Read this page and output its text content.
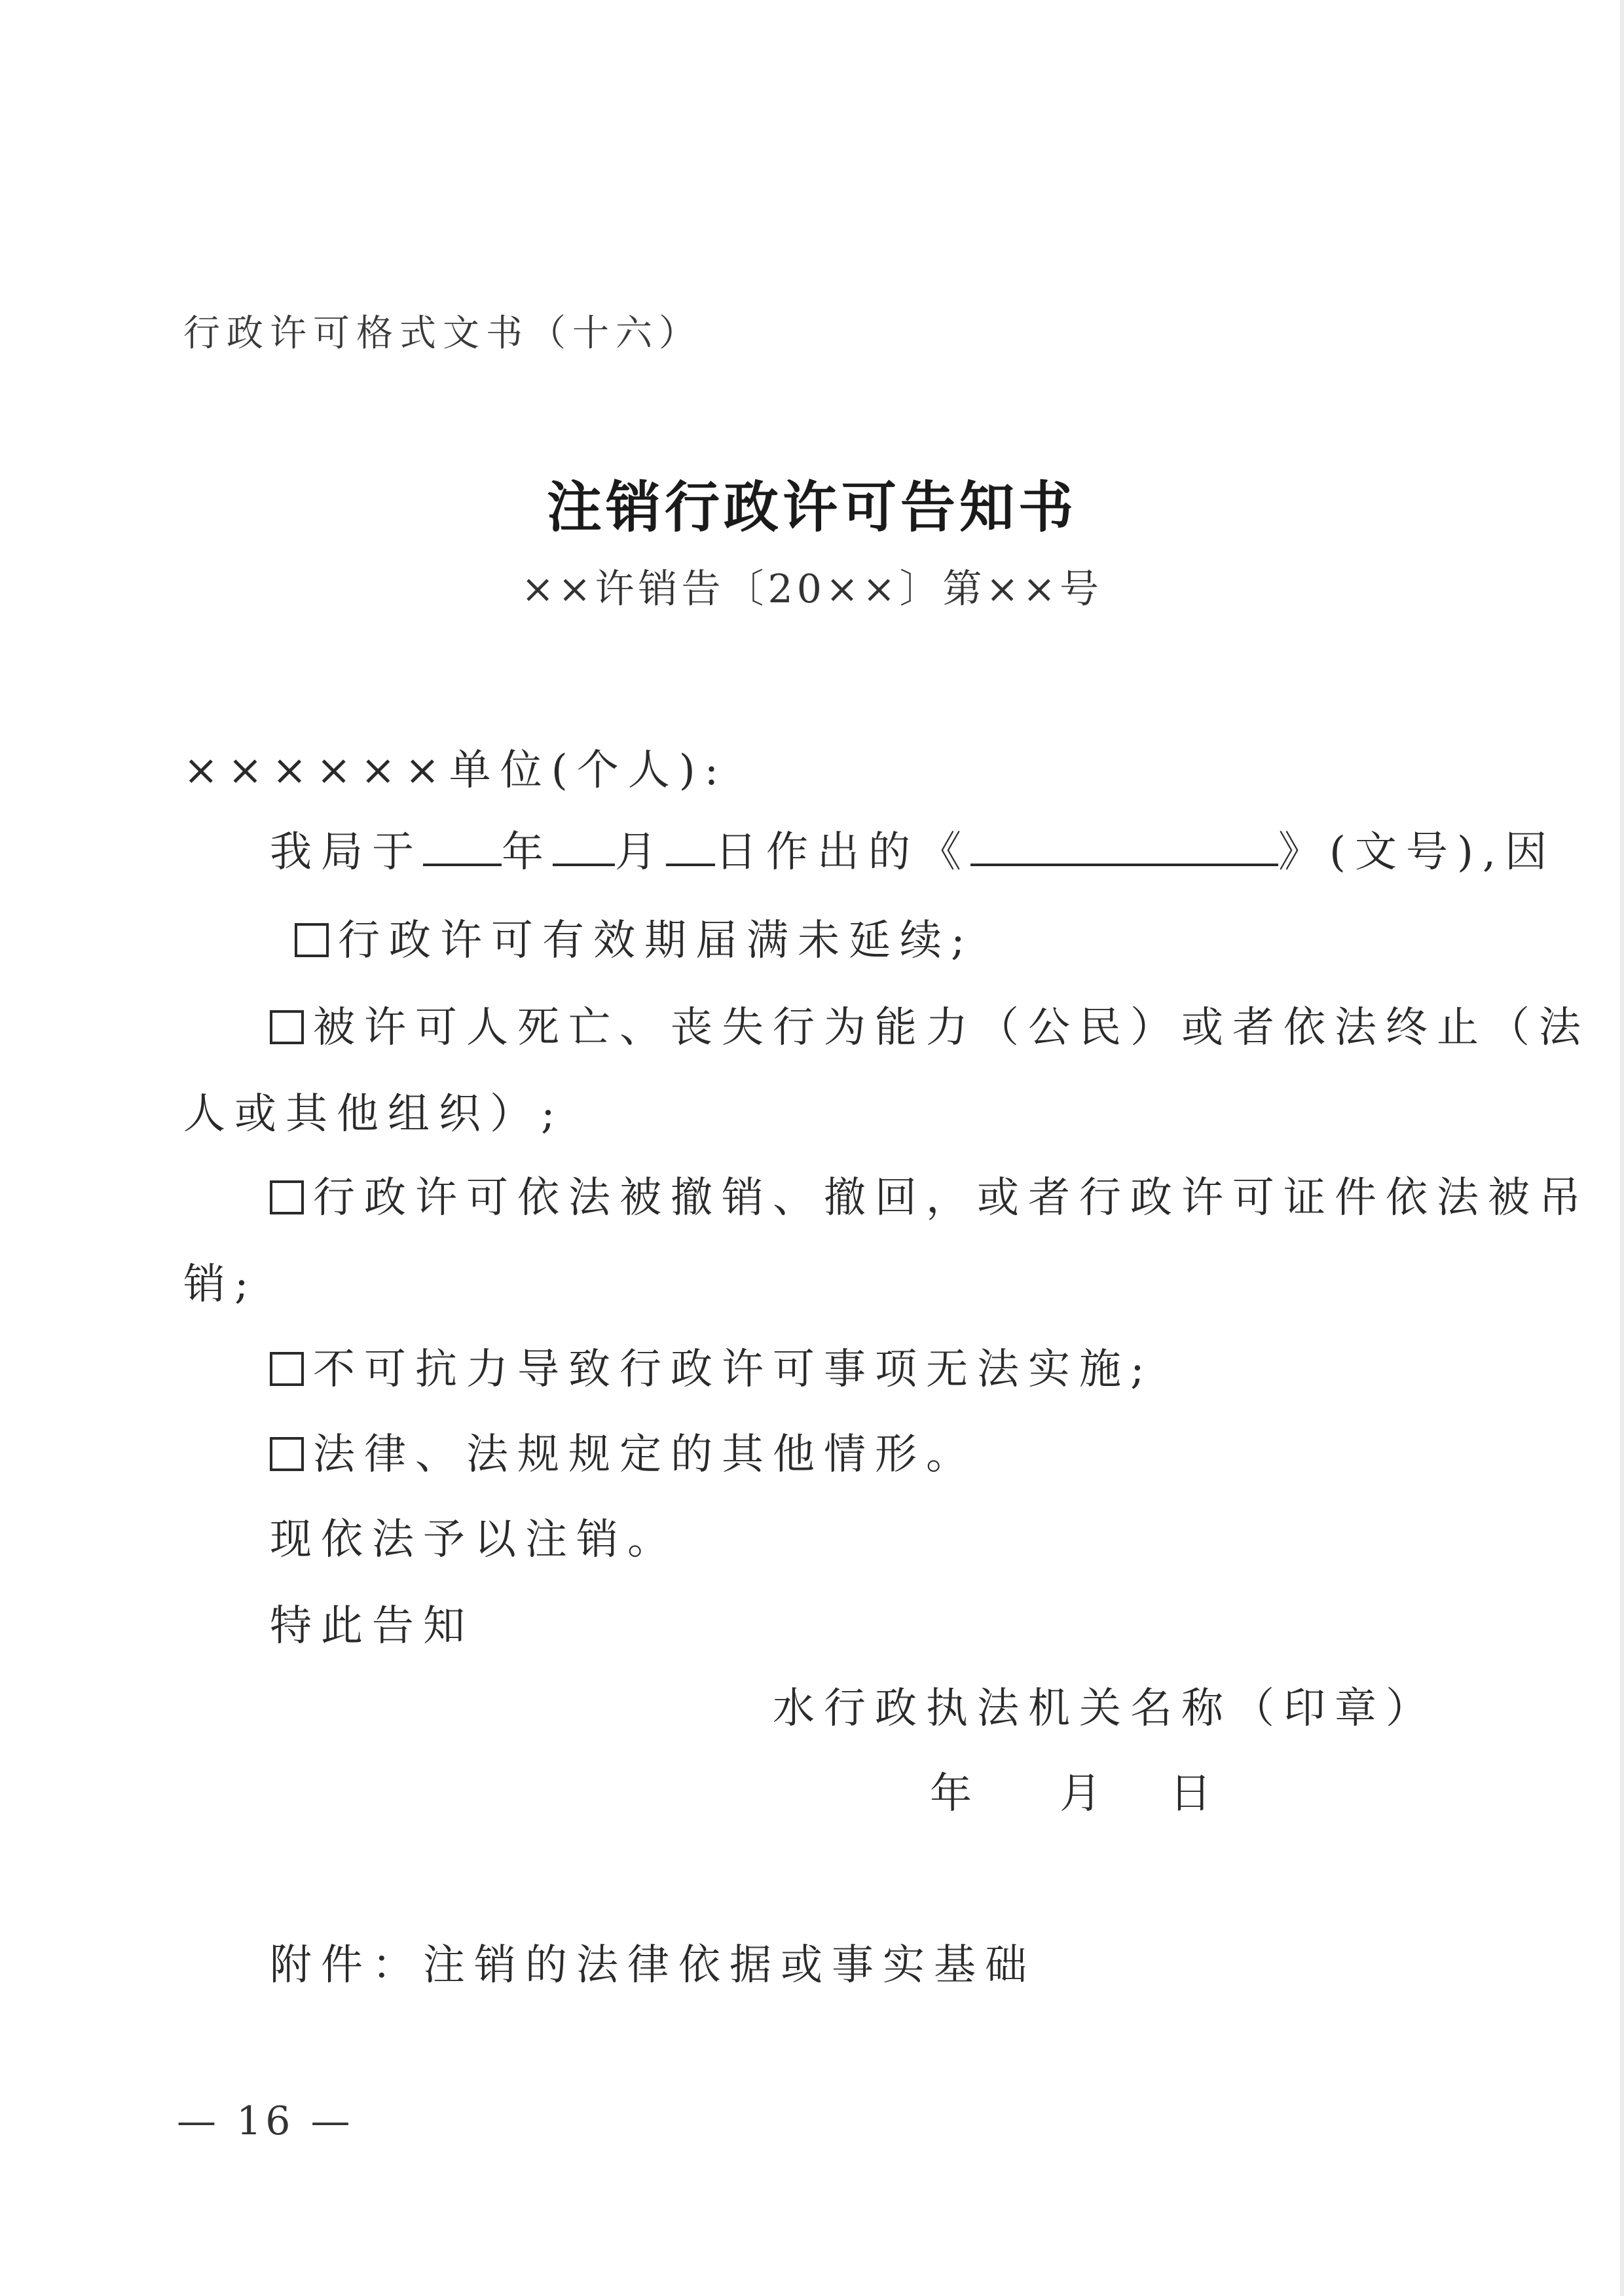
行政许可格式文书（十六）
注销行政许可告知书
××许销告〔20××〕第××号
××××××单位(个人):
我局于 年 月 日作出的《	》(文号),因
行政许可有效期届满未延续;
被许可人死亡、丧失行为能力（公民）或者依法终止（法
人或其他组织）;
行政许可依法被撤销、撤回，或者行政许可证件依法被吊
销;
不可抗力导致行政许可事项无法实施;
法律、法规规定的其他情形。
现依法予以注销。
特此告知
水行政执法机关名称（印章）
年 月 日
附件：注销的法律依据或事实基础
— 16 —
